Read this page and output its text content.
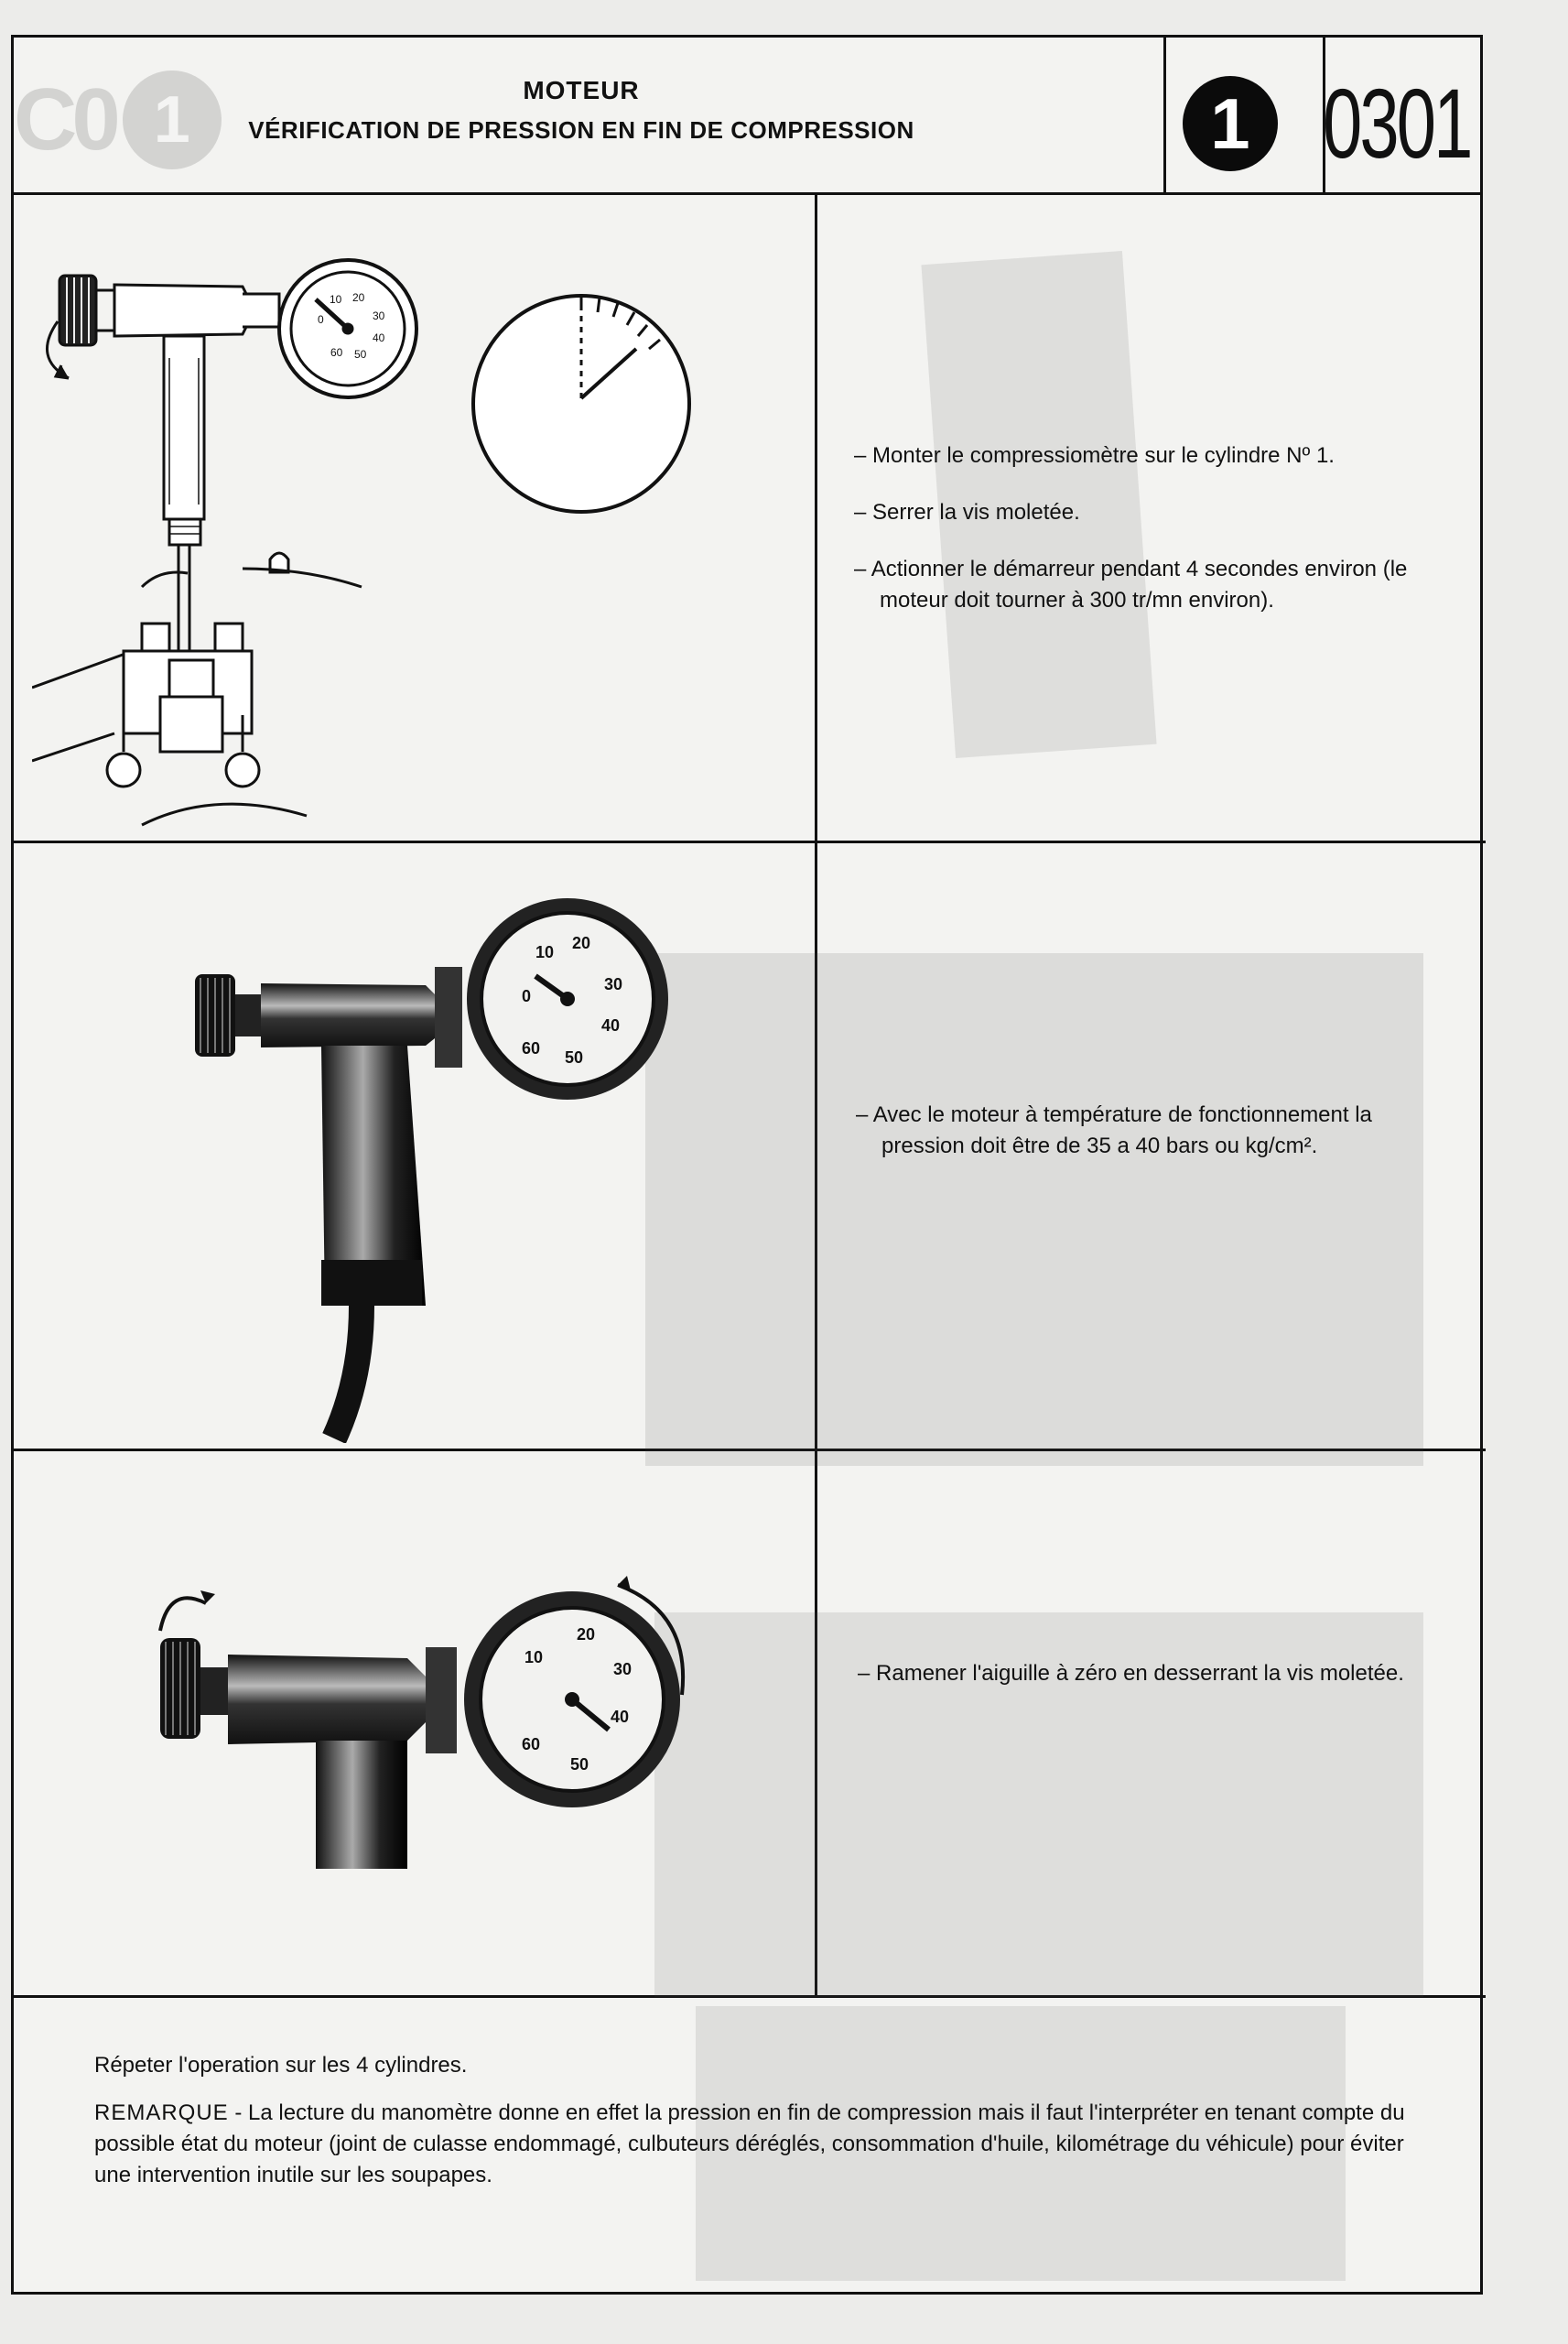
C0 1	MOTEUR
VÉRIFICATION DE PRESSION EN FIN DE COMPRESSION	1 0301
0
10 20
30
40
50
60
0
10 20
30
40
50
60
10
20
30
40
50
60

– Monter le compressiomètre sur le cylindre Nº 1.

– Serrer la vis moletée.

– Actionner le démarreur pendant 4 secondes environ (le moteur doit tourner à 300 tr/mn environ).

– Avec le moteur à température de fonctionnement la pression doit être de 35 a 40 bars ou kg/cm².

– Ramener l'aiguille à zéro en desserrant la vis moletée.

Répeter l'operation sur les 4 cylindres.

REMARQUE - La lecture du manomètre donne en effet la pression en fin de compression mais il faut l'interpréter en tenant compte du possible état du moteur (joint de culasse endommagé, culbuteurs déréglés, consommation d'huile, kilométrage du véhicule) pour éviter une intervention inutile sur les soupapes.
